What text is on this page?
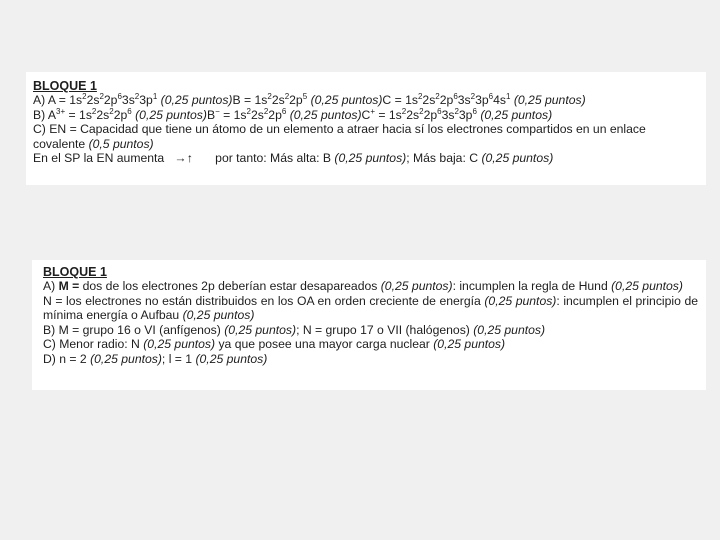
BLOQUE 1
A) $A = 1s^22s^22p^63s^23p^1$ (0,25 puntos)B = $1s^22s^22p^5$ (0,25 puntos)C = $1s^22s^22p^63s^23p^64s^1$ (0,25 puntos)
B) $A^{3+} = 1s^22s^22p^6$ (0,25 puntos)B− = $1s^22s^22p^6$ (0,25 puntos)C+ = $1s^22s^22p^63s^23p^6$ (0,25 puntos)
C) EN = Capacidad que tiene un átomo de un elemento a atraer hacia sí los electrones compartidos en un enlace
covalente (0,5 puntos)
En el SP la EN aumenta →↑ por tanto: Más alta: B (0,25 puntos); Más baja: C (0,25 puntos)
BLOQUE 1
A) M = dos de los electrones 2p deberían estar desapareados (0,25 puntos): incumplen la regla de Hund (0,25 puntos)
N = los electrones no están distribuidos en los OA en orden creciente de energía (0,25 puntos): incumplen el principio de mínima energía o Aufbau (0,25 puntos)
B) M = grupo 16 o VI (anfígenos) (0,25 puntos); N = grupo 17 o VII (halógenos) (0,25 puntos)
C) Menor radio: N (0,25 puntos) ya que posee una mayor carga nuclear (0,25 puntos)
D) n = 2 (0,25 puntos); l = 1 (0,25 puntos)
